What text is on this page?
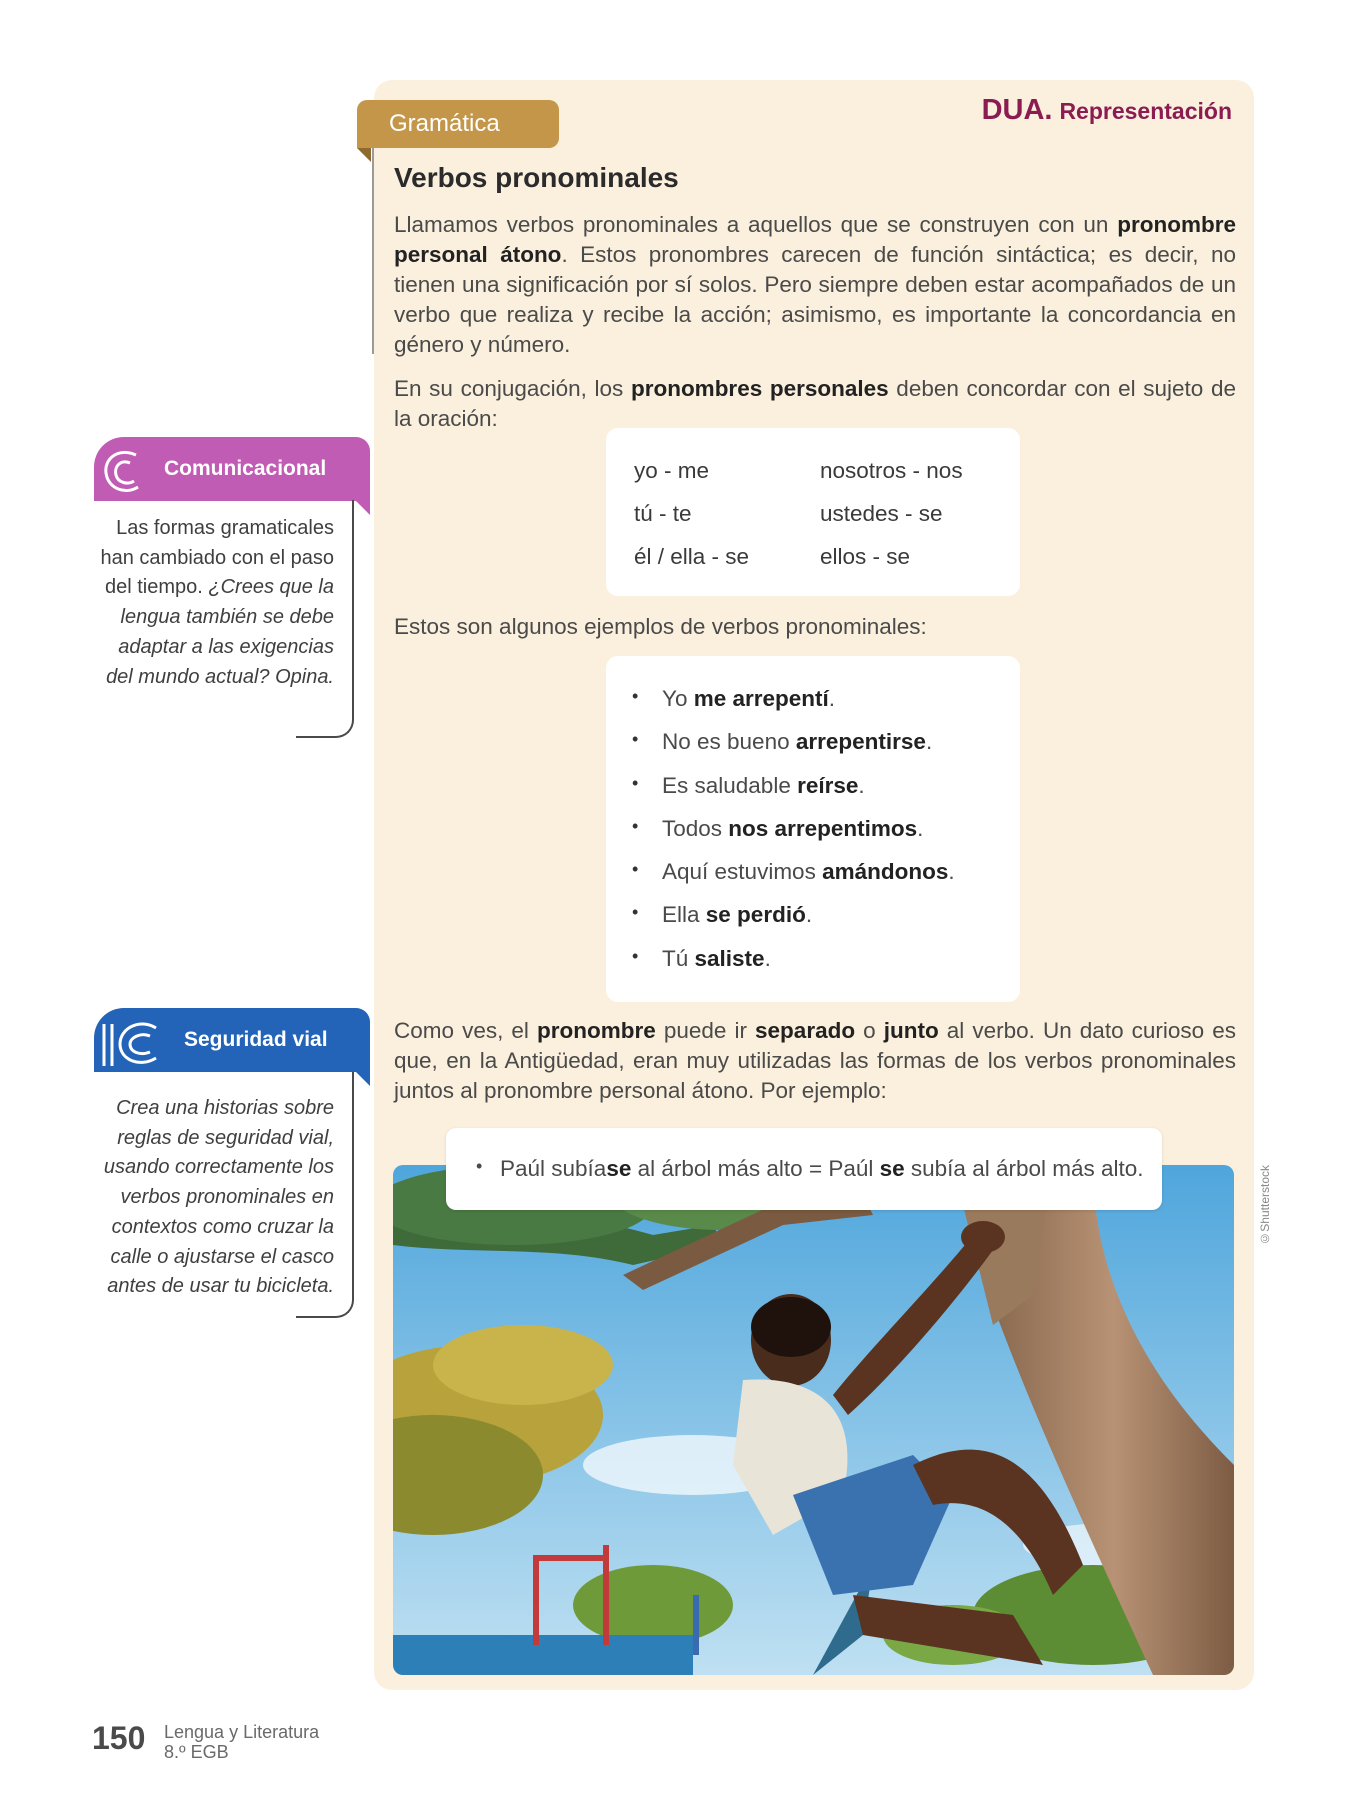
DUA. Representación
Gramática
Verbos pronominales
Llamamos verbos pronominales a aquellos que se construyen con un pronombre personal átono. Estos pronombres carecen de función sintáctica; es decir, no tienen una significación por sí solos. Pero siempre deben estar acompañados de un verbo que realiza y recibe la acción; asimismo, es importante la concordancia en género y número.
En su conjugación, los pronombres personales deben concordar con el sujeto de la oración:
yo - me	nosotros - nos
tú - te	ustedes - se
él / ella - se	ellos - se
Estos son algunos ejemplos de verbos pronominales:
• Yo me arrepentí.
• No es bueno arrepentirse.
• Es saludable reírse.
• Todos nos arrepentimos.
• Aquí estuvimos amándonos.
• Ella se perdió.
• Tú saliste.
Como ves, el pronombre puede ir separado o junto al verbo. Un dato curioso es que, en la Antigüedad, eran muy utilizadas las formas de los verbos pronominales juntos al pronombre personal átono. Por ejemplo:
©Shutterstock
• Paúl subíase al árbol más alto = Paúl se subía al árbol más alto.
Comunicacional
Las formas gramaticales han cambiado con el paso del tiempo. ¿Crees que la lengua también se debe adaptar a las exigencias del mundo actual? Opina.
Seguridad vial
Crea una historias sobre reglas de seguridad vial, usando correctamente los verbos pronominales en contextos como cruzar la calle o ajustarse el casco antes de usar tu bicicleta.
150 Lengua y Literatura
8.º EGB
